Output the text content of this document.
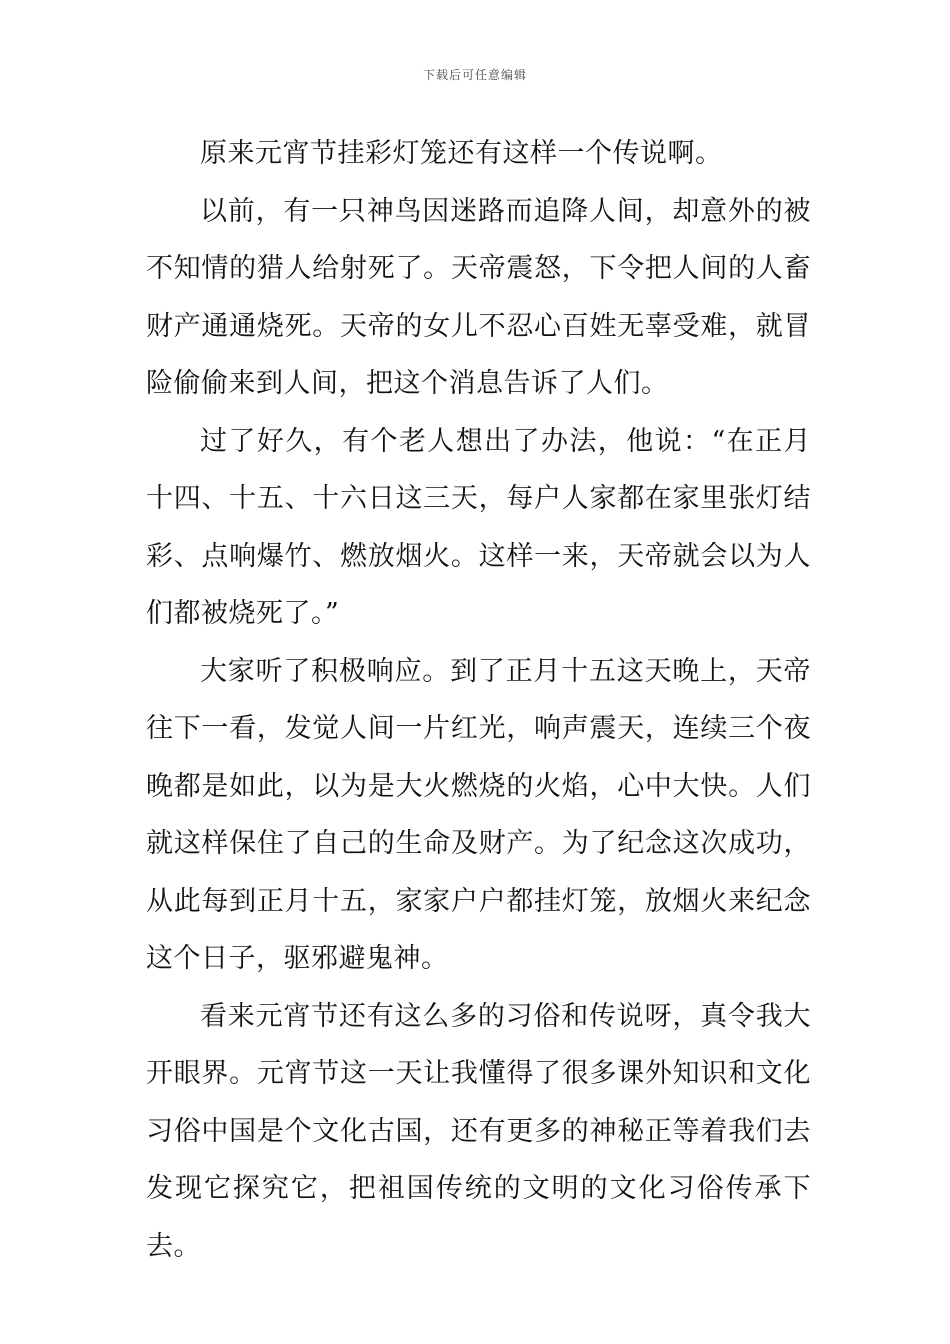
下载后可任意编辑

原来元宵节挂彩灯笼还有这样一个传说啊。

以前，有一只神鸟因迷路而追降人间，却意外的被不知情的猎人给射死了。天帝震怒，下令把人间的人畜财产通通烧死。天帝的女儿不忍心百姓无辜受难，就冒险偷偷来到人间，把这个消息告诉了人们。

过了好久，有个老人想出了办法，他说：“在正月十四、十五、十六日这三天，每户人家都在家里张灯结彩、点响爆竹、燃放烟火。这样一来，天帝就会以为人们都被烧死了。”

大家听了积极响应。到了正月十五这天晚上，天帝往下一看，发觉人间一片红光，响声震天，连续三个夜晚都是如此，以为是大火燃烧的火焰，心中大快。人们就这样保住了自己的生命及财产。为了纪念这次成功，从此每到正月十五，家家户户都挂灯笼，放烟火来纪念这个日子，驱邪避鬼神。

看来元宵节还有这么多的习俗和传说呀，真令我大开眼界。元宵节这一天让我懂得了很多课外知识和文化习俗中国是个文化古国，还有更多的神秘正等着我们去发现它探究它，把祖国传统的文明的文化习俗传承下去。
